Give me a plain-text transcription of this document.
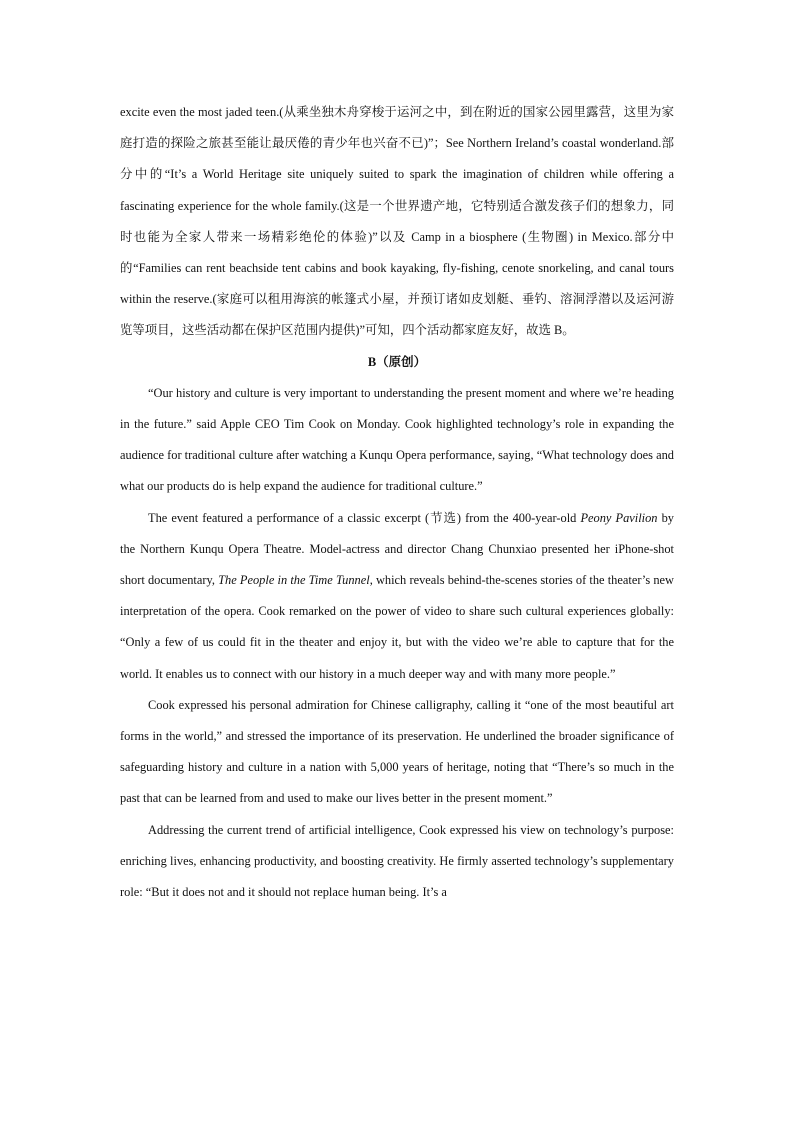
excite even the most jaded teen.(从乘坐独木舟穿梭于运河之中，到在附近的国家公园里露营，这里为家庭打造的探险之旅甚至能让最厌倦的青少年也兴奋不已)”；See Northern Ireland’s coastal wonderland.部分中的“It’s a World Heritage site uniquely suited to spark the imagination of children while offering a fascinating experience for the whole family.(这是一个世界遗产地，它特别适合激发孩子们的想象力，同时也能为全家人带来一场精彩绝伦的体验)”以及 Camp in a biosphere (生物圈) in Mexico.部分中的“Families can rent beachside tent cabins and book kayaking, fly-fishing, cenote snorkeling, and canal tours within the reserve.(家庭可以租用海滨的帐篷式小屋，并预订诸如皮划艇、垂钓、溶洞浮潜以及运河游览等项目，这些活动都在保护区范围内提供)”可知，四个活动都家庭友好，故选 B。

B（原创）

“Our history and culture is very important to understanding the present moment and where we’re heading in the future.” said Apple CEO Tim Cook on Monday. Cook highlighted technology’s role in expanding the audience for traditional culture after watching a Kunqu Opera performance, saying, “What technology does and what our products do is help expand the audience for traditional culture.”

The event featured a performance of a classic excerpt (节选) from the 400-year-old Peony Pavilion by the Northern Kunqu Opera Theatre. Model-actress and director Chang Chunxiao presented her iPhone-shot short documentary, The People in the Time Tunnel, which reveals behind-the-scenes stories of the theater’s new interpretation of the opera. Cook remarked on the power of video to share such cultural experiences globally: “Only a few of us could fit in the theater and enjoy it, but with the video we’re able to capture that for the world. It enables us to connect with our history in a much deeper way and with many more people.”

Cook expressed his personal admiration for Chinese calligraphy, calling it “one of the most beautiful art forms in the world,” and stressed the importance of its preservation. He underlined the broader significance of safeguarding history and culture in a nation with 5,000 years of heritage, noting that “There’s so much in the past that can be learned from and used to make our lives better in the present moment.”

Addressing the current trend of artificial intelligence, Cook expressed his view on technology’s purpose: enriching lives, enhancing productivity, and boosting creativity. He firmly asserted technology’s supplementary role: “But it does not and it should not replace human being. It’s a
